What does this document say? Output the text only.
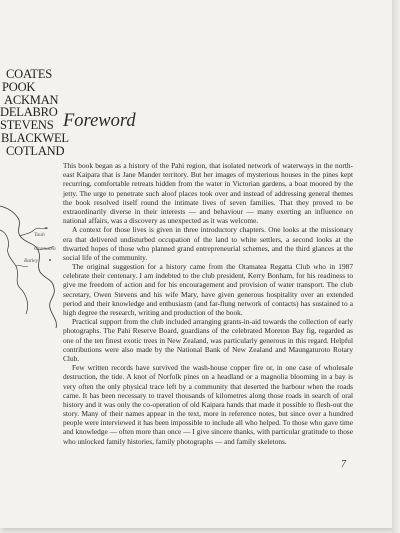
COATES
POOK
ACKMAN
DELABRO
STEVENS
BLACKWEL
COTLAND
Tauh
Otamatea
Batley
Foreword

This book began as a history of the Pahi region, that isolated network of waterways in the north-east Kaipara that is Jane Mander territory. But her images of mysterious houses in the pines kept recurring, comfortable retreats hidden from the water in Victorian gardens, a boat moored by the jetty. The urge to penetrate such aloof places took over and instead of addressing general themes the book resolved itself round the intimate lives of seven families. That they proved to be extraordinarily diverse in their interests — and behaviour — many exerting an influence on national affairs, was a discovery as unexpected as it was welcome.

A context for those lives is given in three introductory chapters. One looks at the missionary era that delivered undisturbed occupation of the land to white settlers, a second looks at the thwarted hopes of those who planned grand entrepreneurial schemes, and the third glances at the social life of the community.

The original suggestion for a history came from the Otamatea Regatta Club who in 1987 celebrate their centenary. I am indebted to the club president, Kerry Bonham, for his readiness to give me freedom of action and for his encouragement and provision of water transport. The club secretary, Owen Stevens and his wife Mary, have given generous hospitality over an extended period and their knowledge and enthusiasm (and far-flung network of contacts) has sustained to a high degree the research, writing and production of the book.

Practical support from the club included arranging grants-in-aid towards the collection of early photographs. The Pahi Reserve Board, guardians of the celebrated Moreton Bay fig, regarded as one of the ten finest exotic trees in New Zealand, was particularly generous in this regard. Helpful contributions were also made by the National Bank of New Zealand and Maungaturoto Rotary Club.

Few written records have survived the wash-house copper fire or, in one case of wholesale destruction, the tide. A knot of Norfolk pines on a headland or a magnolia blooming in a bay is very often the only physical trace left by a community that deserted the harbour when the roads came. It has been necessary to travel thousands of kilometres along those roads in search of oral history and it was only the co-operation of old Kaipara hands that made it possible to flesh-out the story. Many of their names appear in the text, more in reference notes, but since over a hundred people were interviewed it has been impossible to include all who helped. To those who gave time and knowledge — often more than once — I give sincere thanks, with particular gratitude to those who unlocked family histories, family photographs — and family skeletons.

7
